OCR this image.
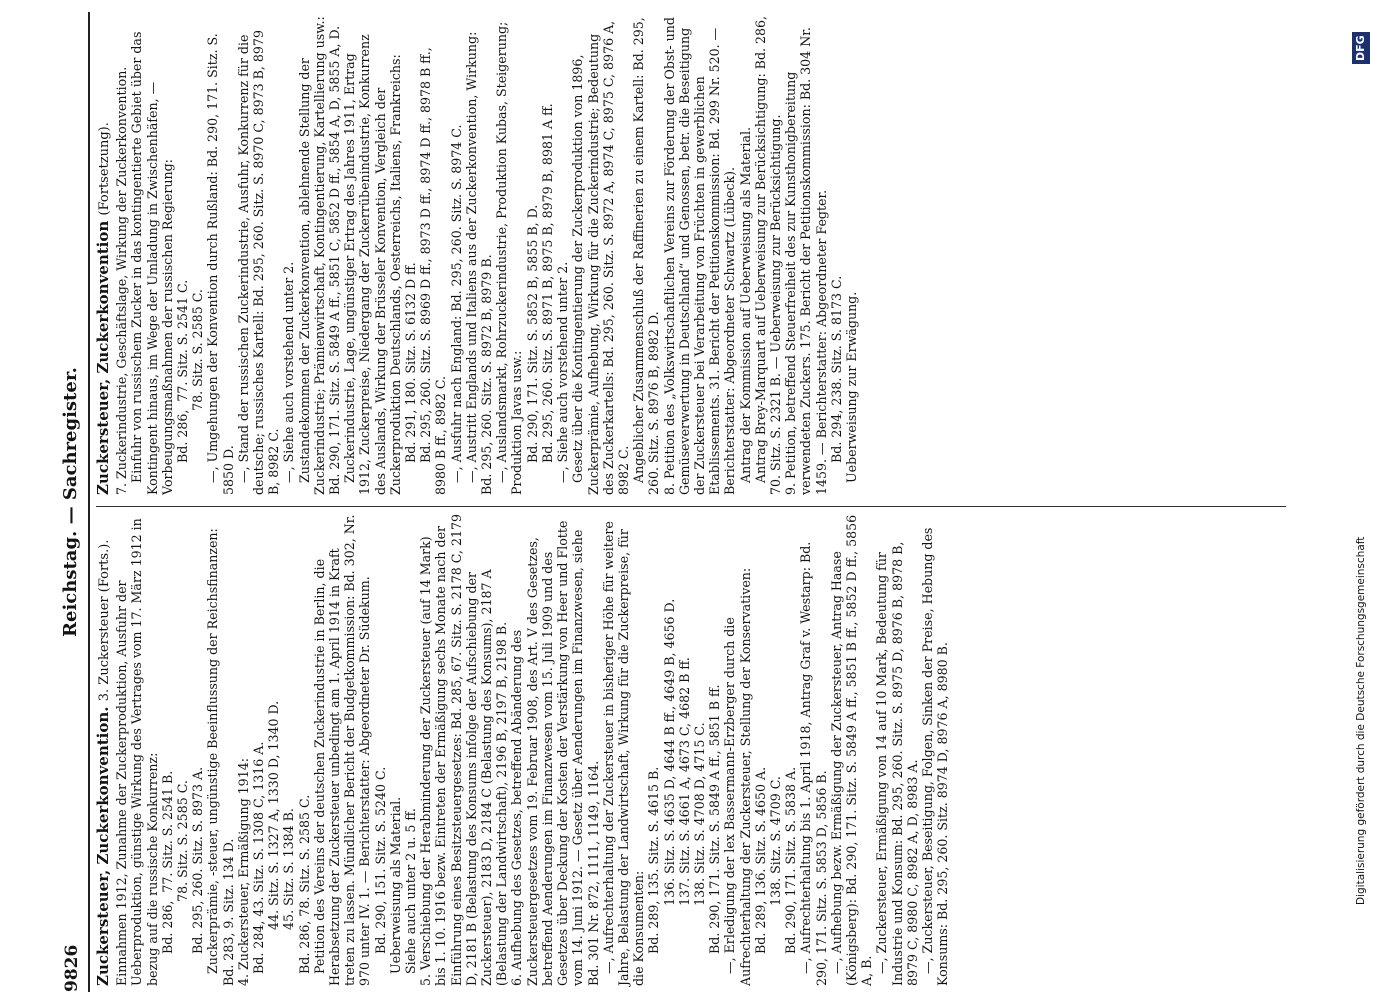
9826
Reichstag. — Sachregister.
Zuckersteuer, Zuckerkonvention. 3. Zuckersteuer (Forts.). Einnahmen 1912, Zunahme der Zuckerproduktion, Ausfuhr der Ueberproduktion, günstige Wirkung des Vertrages vom 17. März 1912 in bezug auf die russische Konkurrenz: Bd. 286,  77. Sitz. S. 2541 B. 78. Sitz. S. 2585 C.
Bd. 295, 260. Sitz. S. 8973 A.
Zuckerprämie, -steuer, ungünstige Beeinflussung der Reichsfinanzen: Bd. 283, 9. Sitz. 134 D. 4. Zuckersteuer, Ermäßigung 1914: Bd. 284, 43. Sitz. S. 1308 C, 1316 A. 44. Sitz. S. 1327 A, 1330 D, 1340 D.
45. Sitz. S. 1384 B.
Bd. 286, 78. Sitz. S. 2585 C.
Petition des Vereins der deutschen Zuckerindustrie in Berlin, die Herabsetzung der Zuckersteuer unbedingt am 1. April 1914 in Kraft treten zu lassen. Mündlicher Bericht der Budgetkommission: Bd. 302, Nr. 970 unter IV. 1. — Berichterstatter: Abgeordneter Dr. Südekum. Bd. 290, 151. Sitz. S. 5240 C.
Ueberweisung als Material.
Siehe auch unter 2 u. 5 ff. 5. Verschiebung der Herabminderung der Zuckersteuer (auf 14 Mark) bis 1. 10. 1916 bezw. Eintreten der Ermäßigung sechs Monate nach der Einführung eines Besitzsteuergesetzes: Bd. 285, 67. Sitz. S. 2178 C, 2179 D, 2181 B (Belastung des Konsums infolge der Aufschiebung der Zuckersteuer), 2183 D, 2184 C (Belastung des Konsums), 2187 A (Belastung der Landwirtschaft), 2196 B, 2197 B, 2198 B. 6. Aufhebung des Gesetzes, betreffend Abänderung des Zuckersteuergesetzes vom 19. Februar 1908, des Art. V des Gesetzes, betreffend Aenderungen im Finanzwesen vom 15. Juli 1909 und des Gesetzes über Deckung der Kosten der Verstärkung von Heer und Flotte vom 14. Juni 1912. — Gesetz über Aenderungen im Finanzwesen, siehe Bd. 301 Nr. 872, 1111, 1149, 1164. —, Aufrechterhaltung der Zuckersteuer in bisheriger Höhe für weitere Jahre, Belastung der Landwirtschaft, Wirkung für die Zuckerpreise, für die Konsumenten: Bd. 289, 135. Sitz. S. 4615 B. 136. Sitz. S. 4635 D, 4644 B ff., 4649 B, 4656 D.
137. Sitz. S. 4661 A, 4673 C, 4682 B ff.
138. Sitz. S. 4708 D, 4715 C.
Bd. 290, 171. Sitz. S. 5849 A ff., 5851 B ff.
—, Erledigung der lex Bassermann-Erzberger durch die Aufrechterhaltung der Zuckersteuer, Stellung der Konservativen: Bd. 289, 136. Sitz. S. 4650 A. 138. Sitz. S. 4709 C.
Bd. 290, 171. Sitz. S. 5838 A.
—, Aufrechterhaltung bis 1. April 1918, Antrag Graf v. Westarp: Bd. 290, 171. Sitz. S. 5853 D, 5856 B. —, Aufhebung bezw. Ermäßigung der Zuckersteuer, Antrag Haase (Königsberg): Bd. 290, 171. Sitz. S. 5849 A ff., 5851 B ff., 5852 D ff., 5856 A, B. —, Zuckersteuer, Ermäßigung von 14 auf 10 Mark, Bedeutung für Industrie und Konsum: Bd. 295, 260. Sitz. S. 8975 D, 8976 B, 8978 B, 8979 C, 8980 C, 8982 A, D, 8983 A. —, Zuckersteuer, Beseitigung, Folgen, Sinken der Preise, Hebung des Konsums: Bd. 295, 260. Sitz. 8974 D, 8976 A, 8980 B.
Zuckersteuer, Zuckerkonvention (Fortsetzung). 7. Zuckerindustrie, Geschäftslage, Wirkung der Zuckerkonvention. Einfuhr von russischem Zucker in das kontingentierte Gebiet über das Kontingent hinaus, im Wege der Umladung in Zwischenhäfen, — Vorbeugungsmaßnahmen der russischen Regierung: Bd. 286,  77. Sitz. S. 2541 C. 78. Sitz. S. 2585 C.
—, Umgehungen der Konvention durch Rußland: Bd. 290, 171. Sitz. S. 5850 D. —, Stand der russischen Zuckerindustrie, Ausfuhr, Konkurrenz für die deutsche; russisches Kartell: Bd. 295, 260. Sitz. S. 8970 C, 8973 B, 8979 B, 8982 C. —, Siehe auch vorstehend unter 2.
Zustandekommen der Zuckerkonvention, ablehnende Stellung der Zuckerindustrie; Prämienwirtschaft, Kontingentierung, Kartellierung usw.: Bd. 290, 171. Sitz. S. 5849 A ff., 5851 C, 5852 D ff., 5854 A, D, 5855 A, D. Zuckerindustrie, Lage, ungünstiger Ertrag des Jahres 1911, Ertrag 1912, Zuckerpreise, Niedergang der Zuckerrübenindustrie, Konkurrenz des Auslands, Wirkung der Brüsseler Konvention, Vergleich der Zuckerproduktion Deutschlands, Oesterreichs, Italiens, Frankreichs: Bd. 291, 180. Sitz. S. 6132 D ff.
Bd. 295, 260. Sitz. S. 8969 D ff., 8973 D ff., 8974 D ff., 8978 B ff., 8980 B ff., 8982 C. —, Ausfuhr nach England: Bd. 295, 260. Sitz. S. 8974 C.
—, Austritt Englands und Italiens aus der Zuckerkonvention, Wirkung: Bd. 295, 260. Sitz. S. 8972 B, 8979 B. —, Auslandsmarkt, Rohrzuckerindustrie, Produktion Kubas, Steigerung; Produktion Javas usw.: Bd. 290, 171. Sitz. S. 5852 B, 5855 B, D.
Bd. 295, 260. Sitz. S. 8971 B, 8975 B, 8979 B, 8981 A ff.
—, Siehe auch vorstehend unter 2.
Gesetz über die Kontingentierung der Zuckerproduktion von 1896, Zuckerprämie, Aufhebung, Wirkung für die Zuckerindustrie; Bedeutung des Zuckerkartells: Bd. 295, 260. Sitz. S. 8972 A, 8974 C, 8975 C, 8976 A, 8982 C. Angeblicher Zusammenschluß der Raffinerien zu einem Kartell: Bd. 295, 260. Sitz. S. 8976 B, 8982 D. 8. Petition des „Volkswirtschaftlichen Vereins zur Förderung der Obst- und Gemüseverwertung in Deutschland“ und Genossen, betr. die Beseitigung der Zuckersteuer bei Verarbeitung von Früchten in gewerblichen Etablissements. 31. Bericht der Petitionskommission: Bd. 299 Nr. 520. — Berichterstatter: Abgeordneter Schwartz (Lübeck). Antrag der Kommission auf Ueberweisung als Material.
Antrag Brey-Marquart auf Ueberweisung zur Berücksichtigung: Bd. 286, 70. Sitz. S. 2321 B. — Ueberweisung zur Berücksichtigung. 9. Petition, betreffend Steuerfreiheit des zur Kunsthonigbereitung verwendeten Zuckers. 175. Bericht der Petitionskommission: Bd. 304 Nr. 1459. — Berichterstatter: Abgeordneter Fegter. Bd. 294, 238. Sitz. S. 8173 C.
Ueberweisung zur Erwägung.
Digitalisierung gefördert durch die Deutsche Forschungsgemeinschaft
DFG
